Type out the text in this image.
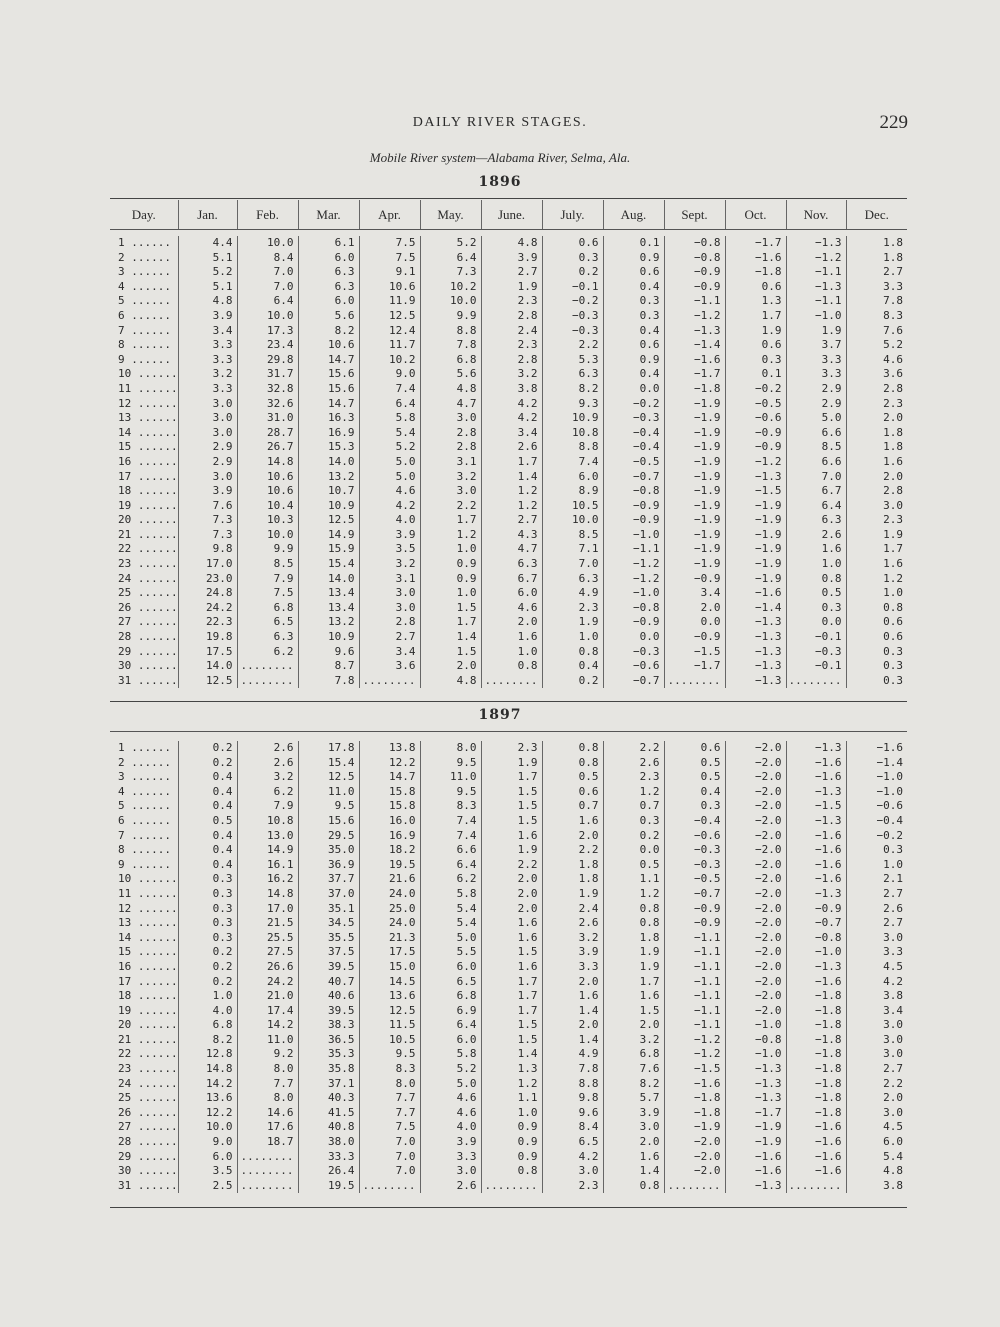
DAILY RIVER STAGES.	229
Mobile River system—Alabama River, Selma, Ala.
1896
Day.	Jan.	Feb.	Mar.	Apr.	May.	June.	July.	Aug.	Sept.	Oct.	Nov.	Dec.
1 ......	4.4	10.0	6.1	7.5	5.2	4.8	0.6	0.1	−0.8	−1.7	−1.3	1.8
2 ......	5.1	8.4	6.0	7.5	6.4	3.9	0.3	0.9	−0.8	−1.6	−1.2	1.8
3 ......	5.2	7.0	6.3	9.1	7.3	2.7	0.2	0.6	−0.9	−1.8	−1.1	2.7
4 ......	5.1	7.0	6.3	10.6	10.2	1.9	−0.1	0.4	−0.9	0.6	−1.3	3.3
5 ......	4.8	6.4	6.0	11.9	10.0	2.3	−0.2	0.3	−1.1	1.3	−1.1	7.8
6 ......	3.9	10.0	5.6	12.5	9.9	2.8	−0.3	0.3	−1.2	1.7	−1.0	8.3
7 ......	3.4	17.3	8.2	12.4	8.8	2.4	−0.3	0.4	−1.3	1.9	1.9	7.6
8 ......	3.3	23.4	10.6	11.7	7.8	2.3	2.2	0.6	−1.4	0.6	3.7	5.2
9 ......	3.3	29.8	14.7	10.2	6.8	2.8	5.3	0.9	−1.6	0.3	3.3	4.6
10 ......	3.2	31.7	15.6	9.0	5.6	3.2	6.3	0.4	−1.7	0.1	3.3	3.6
11 ......	3.3	32.8	15.6	7.4	4.8	3.8	8.2	0.0	−1.8	−0.2	2.9	2.8
12 ......	3.0	32.6	14.7	6.4	4.7	4.2	9.3	−0.2	−1.9	−0.5	2.9	2.3
13 ......	3.0	31.0	16.3	5.8	3.0	4.2	10.9	−0.3	−1.9	−0.6	5.0	2.0
14 ......	3.0	28.7	16.9	5.4	2.8	3.4	10.8	−0.4	−1.9	−0.9	6.6	1.8
15 ......	2.9	26.7	15.3	5.2	2.8	2.6	8.8	−0.4	−1.9	−0.9	8.5	1.8
16 ......	2.9	14.8	14.0	5.0	3.1	1.7	7.4	−0.5	−1.9	−1.2	6.6	1.6
17 ......	3.0	10.6	13.2	5.0	3.2	1.4	6.0	−0.7	−1.9	−1.3	7.0	2.0
18 ......	3.9	10.6	10.7	4.6	3.0	1.2	8.9	−0.8	−1.9	−1.5	6.7	2.8
19 ......	7.6	10.4	10.9	4.2	2.2	1.2	10.5	−0.9	−1.9	−1.9	6.4	3.0
20 ......	7.3	10.3	12.5	4.0	1.7	2.7	10.0	−0.9	−1.9	−1.9	6.3	2.3
21 ......	7.3	10.0	14.9	3.9	1.2	4.3	8.5	−1.0	−1.9	−1.9	2.6	1.9
22 ......	9.8	9.9	15.9	3.5	1.0	4.7	7.1	−1.1	−1.9	−1.9	1.6	1.7
23 ......	17.0	8.5	15.4	3.2	0.9	6.3	7.0	−1.2	−1.9	−1.9	1.0	1.6
24 ......	23.0	7.9	14.0	3.1	0.9	6.7	6.3	−1.2	−0.9	−1.9	0.8	1.2
25 ......	24.8	7.5	13.4	3.0	1.0	6.0	4.9	−1.0	3.4	−1.6	0.5	1.0
26 ......	24.2	6.8	13.4	3.0	1.5	4.6	2.3	−0.8	2.0	−1.4	0.3	0.8
27 ......	22.3	6.5	13.2	2.8	1.7	2.0	1.9	−0.9	0.0	−1.3	0.0	0.6
28 ......	19.8	6.3	10.9	2.7	1.4	1.6	1.0	0.0	−0.9	−1.3	−0.1	0.6
29 ......	17.5	6.2	9.6	3.4	1.5	1.0	0.8	−0.3	−1.5	−1.3	−0.3	0.3
30 ......	14.0	........	8.7	3.6	2.0	0.8	0.4	−0.6	−1.7	−1.3	−0.1	0.3
31 ......	12.5	........	7.8	........	4.8	........	0.2	−0.7	........	−1.3	........	0.3
1897
1 ......	0.2	2.6	17.8	13.8	8.0	2.3	0.8	2.2	0.6	−2.0	−1.3	−1.6
2 ......	0.2	2.6	15.4	12.2	9.5	1.9	0.8	2.6	0.5	−2.0	−1.6	−1.4
3 ......	0.4	3.2	12.5	14.7	11.0	1.7	0.5	2.3	0.5	−2.0	−1.6	−1.0
4 ......	0.4	6.2	11.0	15.8	9.5	1.5	0.6	1.2	0.4	−2.0	−1.3	−1.0
5 ......	0.4	7.9	9.5	15.8	8.3	1.5	0.7	0.7	0.3	−2.0	−1.5	−0.6
6 ......	0.5	10.8	15.6	16.0	7.4	1.5	1.6	0.3	−0.4	−2.0	−1.3	−0.4
7 ......	0.4	13.0	29.5	16.9	7.4	1.6	2.0	0.2	−0.6	−2.0	−1.6	−0.2
8 ......	0.4	14.9	35.0	18.2	6.6	1.9	2.2	0.0	−0.3	−2.0	−1.6	0.3
9 ......	0.4	16.1	36.9	19.5	6.4	2.2	1.8	0.5	−0.3	−2.0	−1.6	1.0
10 ......	0.3	16.2	37.7	21.6	6.2	2.0	1.8	1.1	−0.5	−2.0	−1.6	2.1
11 ......	0.3	14.8	37.0	24.0	5.8	2.0	1.9	1.2	−0.7	−2.0	−1.3	2.7
12 ......	0.3	17.0	35.1	25.0	5.4	2.0	2.4	0.8	−0.9	−2.0	−0.9	2.6
13 ......	0.3	21.5	34.5	24.0	5.4	1.6	2.6	0.8	−0.9	−2.0	−0.7	2.7
14 ......	0.3	25.5	35.5	21.3	5.0	1.6	3.2	1.8	−1.1	−2.0	−0.8	3.0
15 ......	0.2	27.5	37.5	17.5	5.5	1.5	3.9	1.9	−1.1	−2.0	−1.0	3.3
16 ......	0.2	26.6	39.5	15.0	6.0	1.6	3.3	1.9	−1.1	−2.0	−1.3	4.5
17 ......	0.2	24.2	40.7	14.5	6.5	1.7	2.0	1.7	−1.1	−2.0	−1.6	4.2
18 ......	1.0	21.0	40.6	13.6	6.8	1.7	1.6	1.6	−1.1	−2.0	−1.8	3.8
19 ......	4.0	17.4	39.5	12.5	6.9	1.7	1.4	1.5	−1.1	−2.0	−1.8	3.4
20 ......	6.8	14.2	38.3	11.5	6.4	1.5	2.0	2.0	−1.1	−1.0	−1.8	3.0
21 ......	8.2	11.0	36.5	10.5	6.0	1.5	1.4	3.2	−1.2	−0.8	−1.8	3.0
22 ......	12.8	9.2	35.3	9.5	5.8	1.4	4.9	6.8	−1.2	−1.0	−1.8	3.0
23 ......	14.8	8.0	35.8	8.3	5.2	1.3	7.8	7.6	−1.5	−1.3	−1.8	2.7
24 ......	14.2	7.7	37.1	8.0	5.0	1.2	8.8	8.2	−1.6	−1.3	−1.8	2.2
25 ......	13.6	8.0	40.3	7.7	4.6	1.1	9.8	5.7	−1.8	−1.3	−1.8	2.0
26 ......	12.2	14.6	41.5	7.7	4.6	1.0	9.6	3.9	−1.8	−1.7	−1.8	3.0
27 ......	10.0	17.6	40.8	7.5	4.0	0.9	8.4	3.0	−1.9	−1.9	−1.6	4.5
28 ......	9.0	18.7	38.0	7.0	3.9	0.9	6.5	2.0	−2.0	−1.9	−1.6	6.0
29 ......	6.0	........	33.3	7.0	3.3	0.9	4.2	1.6	−2.0	−1.6	−1.6	5.4
30 ......	3.5	........	26.4	7.0	3.0	0.8	3.0	1.4	−2.0	−1.6	−1.6	4.8
31 ......	2.5	........	19.5	........	2.6	........	2.3	0.8	........	−1.3	........	3.8
